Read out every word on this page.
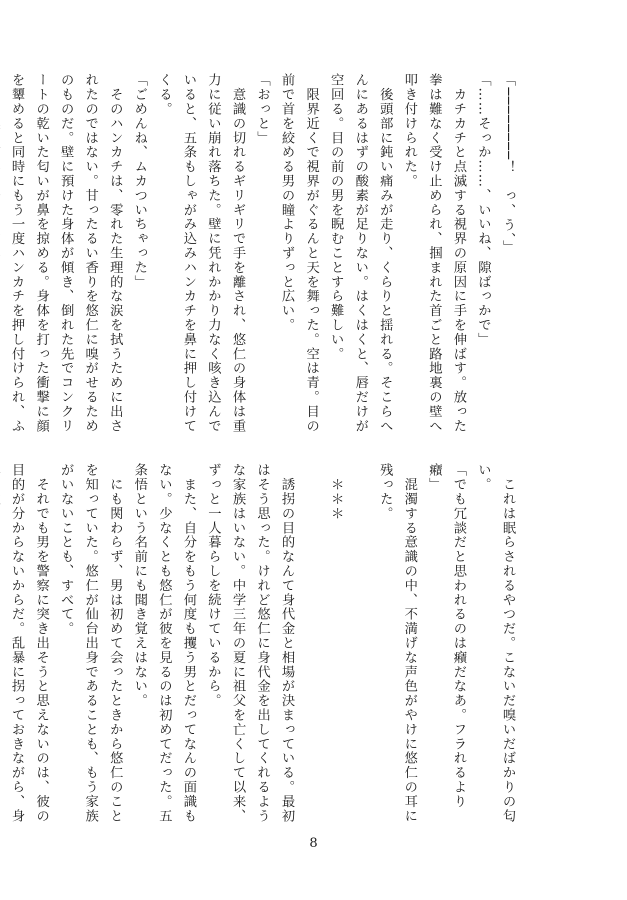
「────────！　っ、う、」
「……そっか……、いいね、隙ばっかで」
　カチカチと点滅する視界の原因に手を伸ばす。放った拳は難なく受け止められ、掴まれた首ごと路地裏の壁へ叩き付けられた。
　後頭部に鈍い痛みが走り、くらりと揺れる。そこらへんにあるはずの酸素が足りない。はくはくと、唇だけが空回る。目の前の男を睨むことすら難しい。
　限界近くで視界がぐるんと天を舞った。空は青。目の前で首を絞める男の瞳よりずっと広い。
「おっと」
　意識の切れるギリギリで手を離され、悠仁の身体は重力に従い崩れ落ちた。壁に凭れかかり力なく咳き込んでいると、五条もしゃがみ込みハンカチを鼻に押し付けてくる。
「ごめんね、ムカついちゃった」
　そのハンカチは、零れた生理的な涙を拭うために出されたのではない。甘ったるい香りを悠仁に嗅がせるためのものだ。壁に預けた身体が傾き、倒れた先でコンクリートの乾いた匂いが鼻を掠める。身体を打った衝撃に顔を顰めると同時にもう一度ハンカチを押し付けられ、ふ
　これは眠らされるやつだ。こないだ嗅いだばかりの匂い。
「でも冗談だと思われるのは癪だなあ。フラれるより癪」
　混濁する意識の中、不満げな声色がやけに悠仁の耳に残った。

　＊＊＊

　誘拐の目的なんて身代金と相場が決まっている。最初はそう思った。けれど悠仁に身代金を出してくれるような家族はいない。中学三年の夏に祖父を亡くして以来、ずっと一人暮らしを続けているから。
　また、自分をもう何度も攫う男とだってなんの面識もない。少なくとも悠仁が彼を見るのは初めてだった。五条悟という名前にも聞き覚えはない。
　にも関わらず、男は初めて会ったときから悠仁のことを知っていた。悠仁が仙台出身であることも、もう家族がいないことも、すべて。
　それでも男を警察に突き出そうと思えないのは、彼の目的が分からないからだ。乱暴に拐っておきながら、身
8
